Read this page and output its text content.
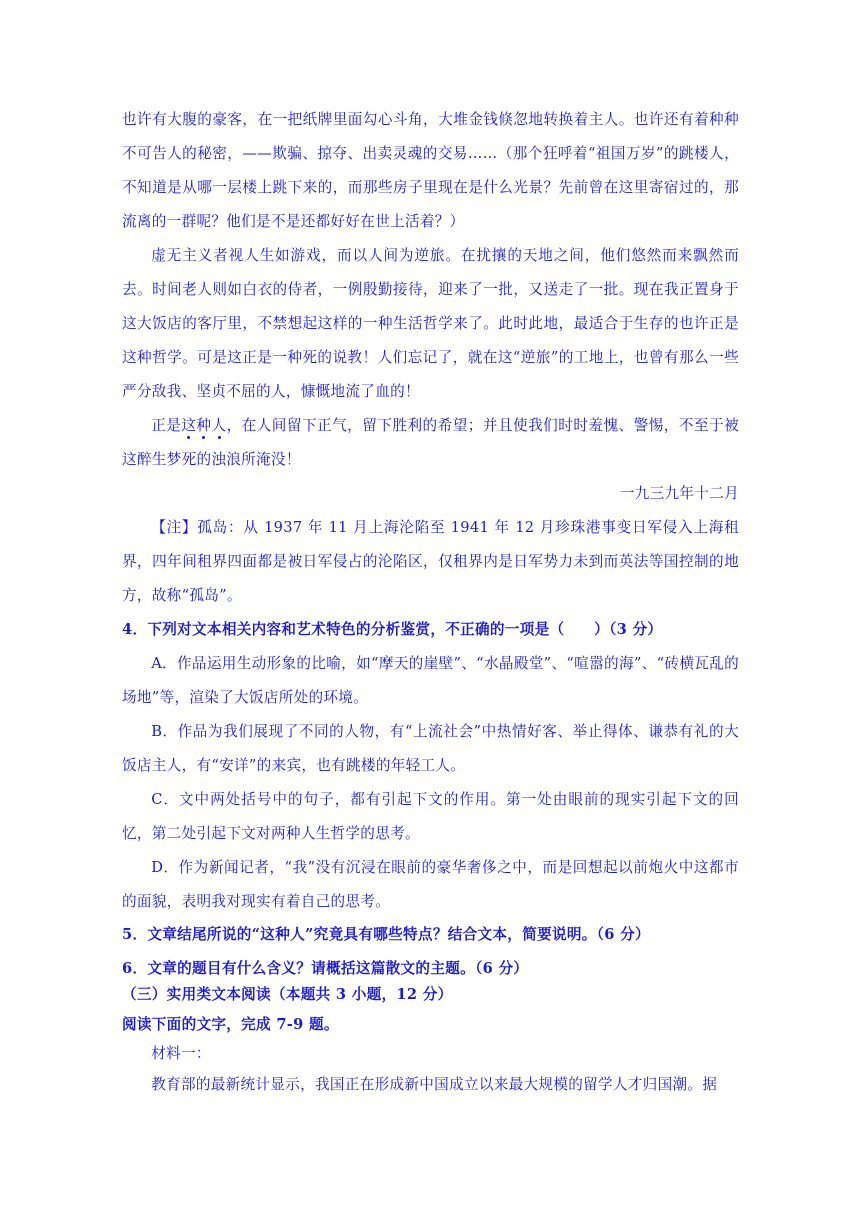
也许有大腹的豪客，在一把纸牌里面勾心斗角，大堆金钱倏忽地转换着主人。也许还有着种种不可告人的秘密，——欺骗、掠夺、出卖灵魂的交易……（那个狂呼着“祖国万岁”的跳楼人，不知道是从哪一层楼上跳下来的，而那些房子里现在是什么光景？先前曾在这里寄宿过的，那流离的一群呢？他们是不是还都好好在世上活着？）

虚无主义者视人生如游戏，而以人间为逆旅。在扰攘的天地之间，他们悠然而来飘然而去。时间老人则如白衣的侍者，一例殷勤接待，迎来了一批，又送走了一批。现在我正置身于这大饭店的客厅里，不禁想起这样的一种生活哲学来了。此时此地，最适合于生存的也许正是这种哲学。可是这正是一种死的说教！人们忘记了，就在这“逆旅”的工地上，也曾有那么一些严分敌我、坚贞不屈的人，慷慨地流了血的！

正是这种人，在人间留下正气，留下胜利的希望；并且使我们时时羞愧、警惕，不至于被这醉生梦死的浊浪所淹没！

一九三九年十二月

【注】孤岛：从 1937 年 11 月上海沦陷至 1941 年 12 月珍珠港事变日军侵入上海租界，四年间租界四面都是被日军侵占的沦陷区，仅租界内是日军势力未到而英法等国控制的地方，故称“孤岛”。

4．下列对文本相关内容和艺术特色的分析鉴赏，不正确的一项是（　　）（3 分）

A．作品运用生动形象的比喻，如“摩天的崖壁”、“水晶殿堂”、“喧嚣的海”、“砖横瓦乱的场地”等，渲染了大饭店所处的环境。

B．作品为我们展现了不同的人物，有“上流社会”中热情好客、举止得体、谦恭有礼的大饭店主人，有“安详”的来宾，也有跳楼的年轻工人。

C．文中两处括号中的句子，都有引起下文的作用。第一处由眼前的现实引起下文的回忆，第二处引起下文对两种人生哲学的思考。

D．作为新闻记者，“我”没有沉浸在眼前的豪华奢侈之中，而是回想起以前炮火中这都市的面貌，表明我对现实有着自己的思考。

5．文章结尾所说的“这种人”究竟具有哪些特点？结合文本，简要说明。（6 分）

6．文章的题目有什么含义？请概括这篇散文的主题。（6 分）

（三）实用类文本阅读（本题共 3 小题，12 分）

阅读下面的文字，完成 7-9 题。

材料一：

教育部的最新统计显示，我国正在形成新中国成立以来最大规模的留学人才归国潮。据
